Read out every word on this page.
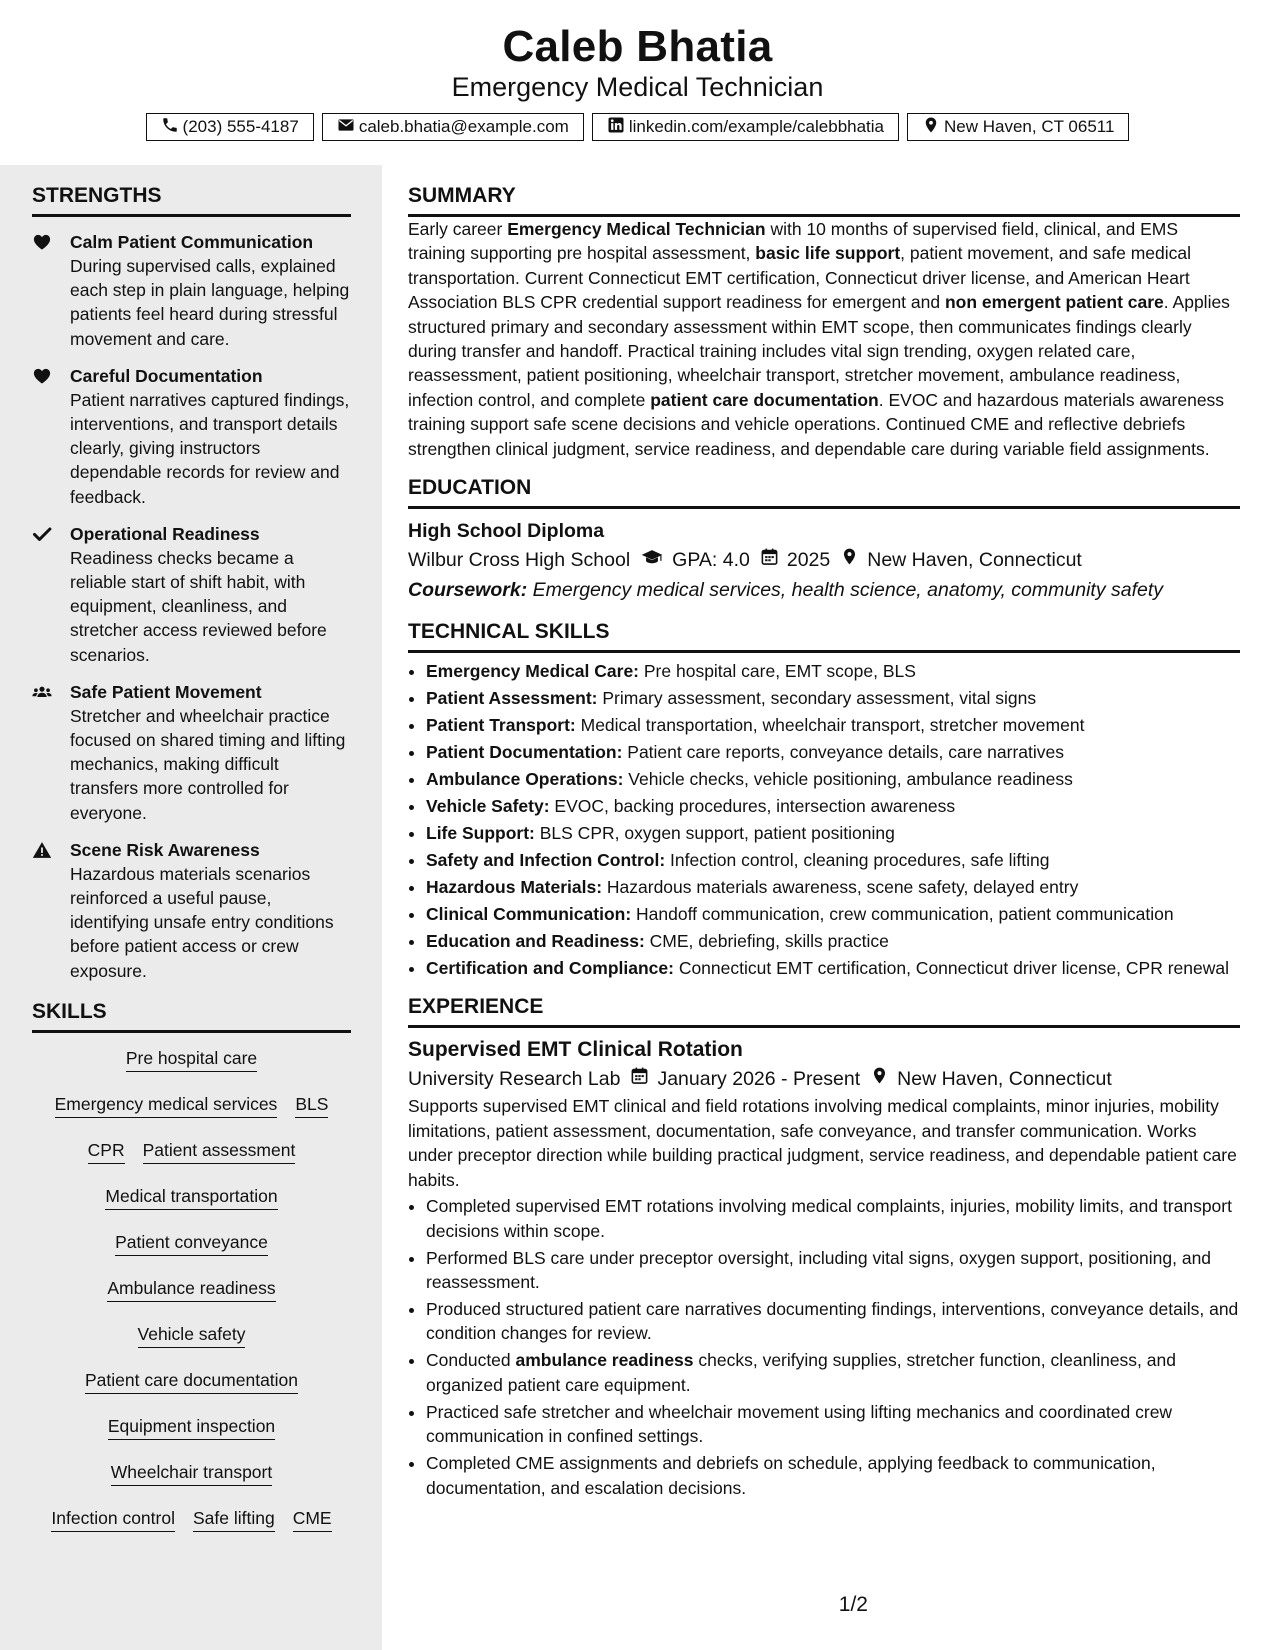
Caleb Bhatia
Emergency Medical Technician
(203) 555-4187	caleb.bhatia@example.com	linkedin.com/example/calebbhatia	New Haven, CT 06511
STRENGTHS
Calm Patient Communication
During supervised calls, explained each step in plain language, helping patients feel heard during stressful movement and care.
Careful Documentation
Patient narratives captured findings, interventions, and transport details clearly, giving instructors dependable records for review and feedback.
Operational Readiness
Readiness checks became a reliable start of shift habit, with equipment, cleanliness, and stretcher access reviewed before scenarios.
Safe Patient Movement
Stretcher and wheelchair practice focused on shared timing and lifting mechanics, making difficult transfers more controlled for everyone.
Scene Risk Awareness
Hazardous materials scenarios reinforced a useful pause, identifying unsafe entry conditions before patient access or crew exposure.
SKILLS
Pre hospital care
Emergency medical services BLS
CPR Patient assessment
Medical transportation
Patient conveyance
Ambulance readiness
Vehicle safety
Patient care documentation
Equipment inspection
Wheelchair transport
Infection control Safe lifting CME
SUMMARY

Early career Emergency Medical Technician with 10 months of supervised field, clinical, and EMS training supporting pre hospital assessment, basic life support, patient movement, and safe medical transportation. Current Connecticut EMT certification, Connecticut driver license, and American Heart Association BLS CPR credential support readiness for emergent and non emergent patient care. Applies structured primary and secondary assessment within EMT scope, then communicates findings clearly during transfer and handoff. Practical training includes vital sign trending, oxygen related care, reassessment, patient positioning, wheelchair transport, stretcher movement, ambulance readiness, infection control, and complete patient care documentation. EVOC and hazardous materials awareness training support safe scene decisions and vehicle operations. Continued CME and reflective debriefs strengthen clinical judgment, service readiness, and dependable care during variable field assignments.

EDUCATION
High School Diploma
Wilbur Cross High School GPA: 4.0 2025 New Haven, Connecticut
Coursework: Emergency medical services, health science, anatomy, community safety
TECHNICAL SKILLS
• Emergency Medical Care: Pre hospital care, EMT scope, BLS
• Patient Assessment: Primary assessment, secondary assessment, vital signs
• Patient Transport: Medical transportation, wheelchair transport, stretcher movement
• Patient Documentation: Patient care reports, conveyance details, care narratives
• Ambulance Operations: Vehicle checks, vehicle positioning, ambulance readiness
• Vehicle Safety: EVOC, backing procedures, intersection awareness
• Life Support: BLS CPR, oxygen support, patient positioning
• Safety and Infection Control: Infection control, cleaning procedures, safe lifting
• Hazardous Materials: Hazardous materials awareness, scene safety, delayed entry
• Clinical Communication: Handoff communication, crew communication, patient communication
• Education and Readiness: CME, debriefing, skills practice
• Certification and Compliance: Connecticut EMT certification, Connecticut driver license, CPR renewal
EXPERIENCE
Supervised EMT Clinical Rotation
University Research Lab January 2026 - Present New Haven, Connecticut

Supports supervised EMT clinical and field rotations involving medical complaints, minor injuries, mobility limitations, patient assessment, documentation, safe conveyance, and transfer communication. Works under preceptor direction while building practical judgment, service readiness, and dependable patient care habits.

• Completed supervised EMT rotations involving medical complaints, injuries, mobility limits, and transport decisions within scope.
• Performed BLS care under preceptor oversight, including vital signs, oxygen support, positioning, and reassessment.
• Produced structured patient care narratives documenting findings, interventions, conveyance details, and condition changes for review.
• Conducted ambulance readiness checks, verifying supplies, stretcher function, cleanliness, and organized patient care equipment.
• Practiced safe stretcher and wheelchair movement using lifting mechanics and coordinated crew communication in confined settings.
• Completed CME assignments and debriefs on schedule, applying feedback to communication, documentation, and escalation decisions.
1/2
